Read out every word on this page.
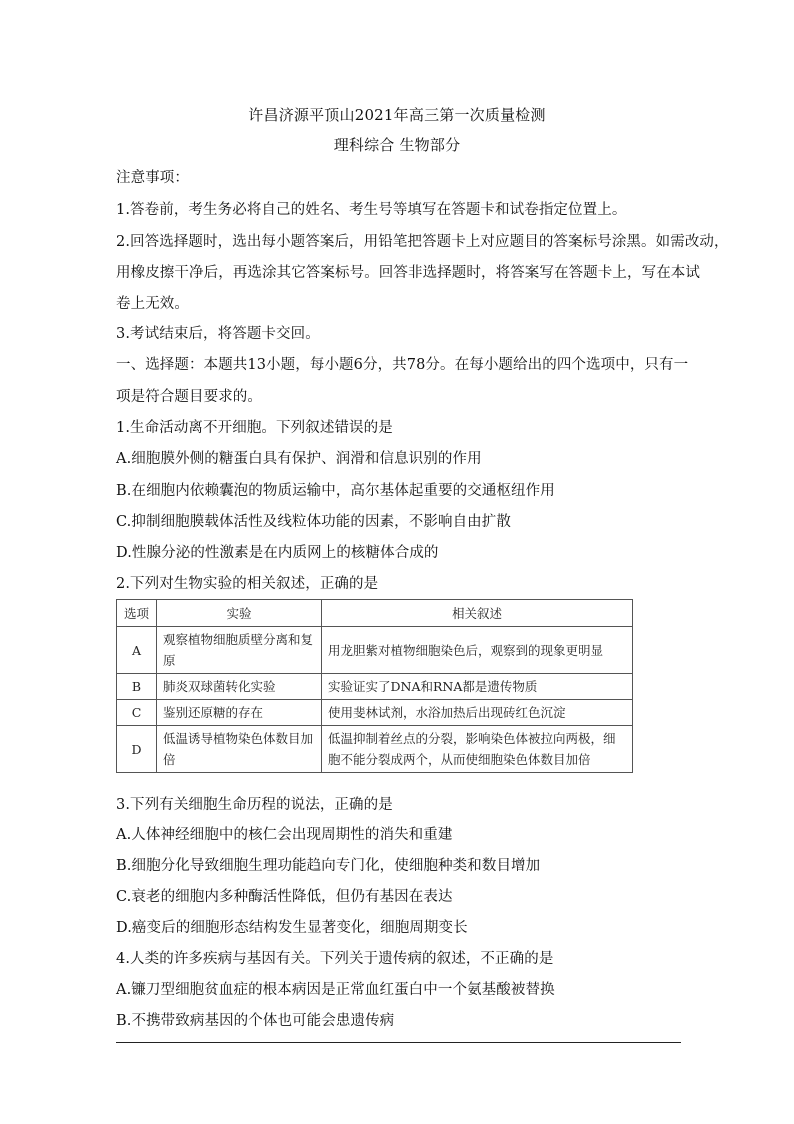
许昌济源平顶山2021年高三第一次质量检测
理科综合 生物部分
注意事项：
1.答卷前，考生务必将自己的姓名、考生号等填写在答题卡和试卷指定位置上。
2.回答选择题时，选出每小题答案后，用铅笔把答题卡上对应题目的答案标号涂黑。如需改动，
用橡皮擦干净后，再选涂其它答案标号。回答非选择题时，将答案写在答题卡上，写在本试
卷上无效。
3.考试结束后，将答题卡交回。
一、选择题：本题共13小题，每小题6分，共78分。在每小题给出的四个选项中，只有一
项是符合题目要求的。
1.生命活动离不开细胞。下列叙述错误的是
A.细胞膜外侧的糖蛋白具有保护、润滑和信息识别的作用
B.在细胞内依赖囊泡的物质运输中，高尔基体起重要的交通枢纽作用
C.抑制细胞膜载体活性及线粒体功能的因素，不影响自由扩散
D.性腺分泌的性激素是在内质网上的核糖体合成的
2.下列对生物实验的相关叙述，正确的是
选项	实验	相关叙述
A	观察植物细胞质壁分离和复原	用龙胆紫对植物细胞染色后，观察到的现象更明显
B	肺炎双球菌转化实验	实验证实了DNA和RNA都是遗传物质
C	鉴别还原糖的存在	使用斐林试剂，水浴加热后出现砖红色沉淀
D	低温诱导植物染色体数目加倍	低温抑制着丝点的分裂，影响染色体被拉向两极，细胞不能分裂成两个，从而使细胞染色体数目加倍
3.下列有关细胞生命历程的说法，正确的是
A.人体神经细胞中的核仁会出现周期性的消失和重建
B.细胞分化导致细胞生理功能趋向专门化，使细胞种类和数目增加
C.衰老的细胞内多种酶活性降低，但仍有基因在表达
D.癌变后的细胞形态结构发生显著变化，细胞周期变长
4.人类的许多疾病与基因有关。下列关于遗传病的叙述，不正确的是
A.镰刀型细胞贫血症的根本病因是正常血红蛋白中一个氨基酸被替换
B.不携带致病基因的个体也可能会患遗传病
